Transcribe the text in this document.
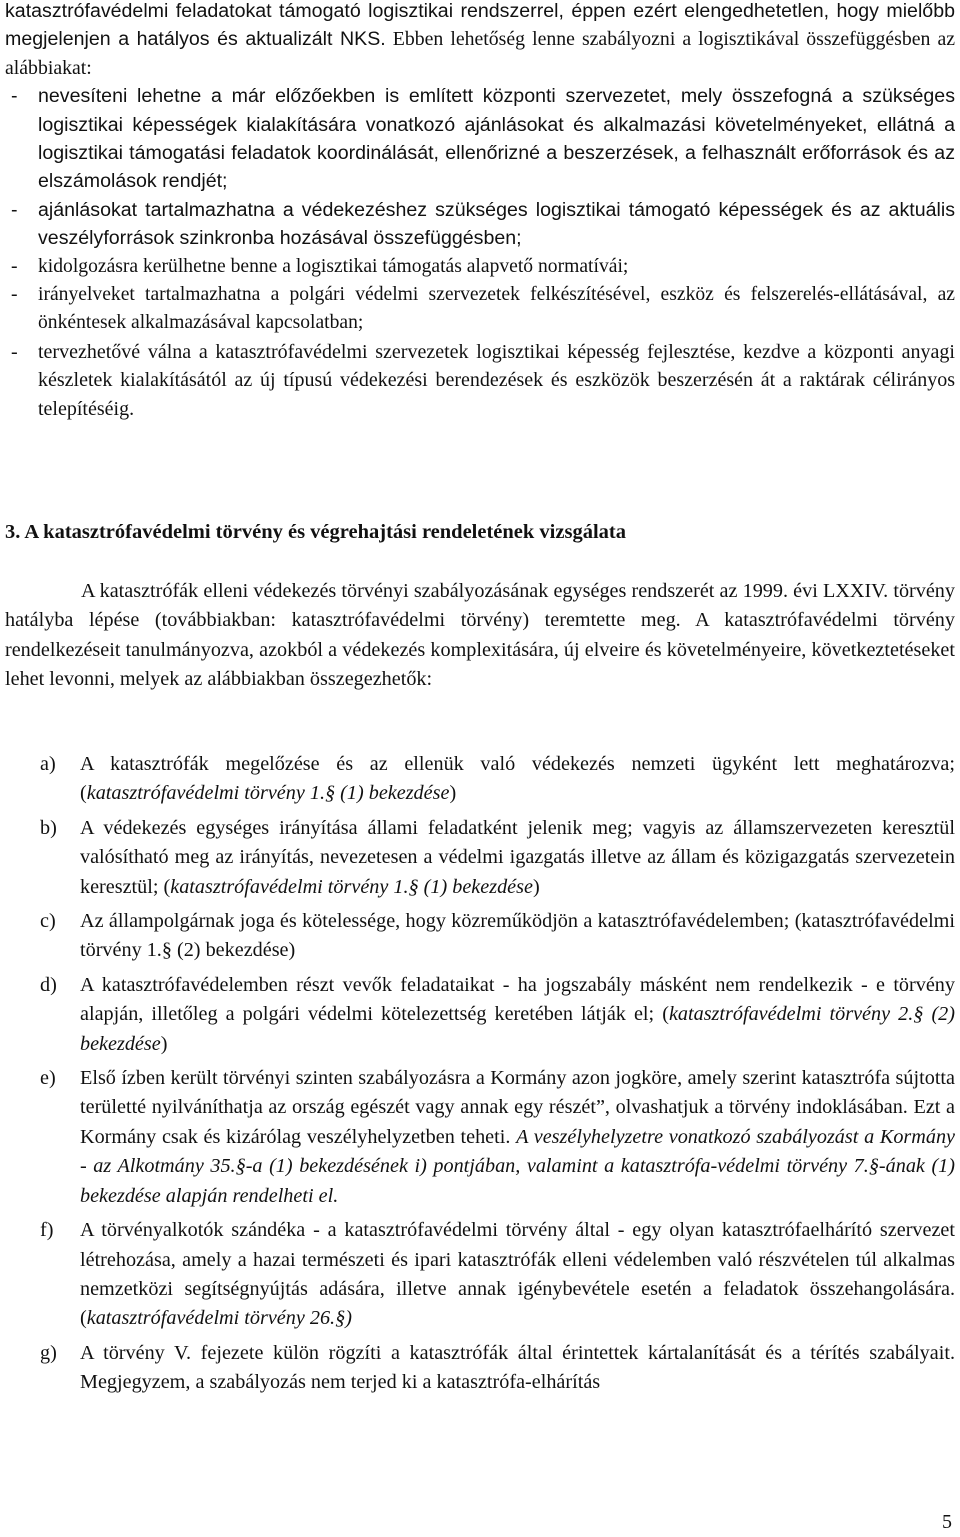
katasztrófavédelmi feladatokat támogató logisztikai rendszerrel, éppen ezért elengedhetetlen, hogy mielőbb megjelenjen a hatályos és aktualizált NKS. Ebben lehetőség lenne szabályozni a logisztikával összefüggésben az alábbiakat:

-	nevesíteni lehetne a már előzőekben is említett központi szervezetet, mely összefogná a szükséges logisztikai képességek kialakítására vonatkozó ajánlásokat és alkalmazási követelményeket, ellátná a logisztikai támogatási feladatok koordinálását, ellenőrizné a beszerzések, a felhasznált erőforrások és az elszámolások rendjét;
-	ajánlásokat tartalmazhatna a védekezéshez szükséges logisztikai támogató képességek és az aktuális veszélyforrások szinkronba hozásával összefüggésben;
-	kidolgozásra kerülhetne benne a logisztikai támogatás alapvető normatívái;
-	irányelveket tartalmazhatna a polgári védelmi szervezetek felkészítésével, eszköz és felszerelés-ellátásával, az önkéntesek alkalmazásával kapcsolatban;
-	tervezhetővé válna a katasztrófavédelmi szervezetek logisztikai képesség fejlesztése, kezdve a központi anyagi készletek kialakításától az új típusú védekezési berendezések és eszközök beszerzésén át a raktárak célirányos telepítéséig.
3. A katasztrófavédelmi törvény és végrehajtási rendeletének vizsgálata

A katasztrófák elleni védekezés törvényi szabályozásának egységes rendszerét az 1999. évi LXXIV. törvény hatályba lépése (továbbiakban: katasztrófavédelmi törvény) teremtette meg. A katasztrófavédelmi törvény rendelkezéseit tanulmányozva, azokból a védekezés komplexitására, új elveire és követelményeire, következtetéseket lehet levonni, melyek az alábbiakban összegezhetők:

a)	A katasztrófák megelőzése és az ellenük való védekezés nemzeti ügyként lett meghatározva; (katasztrófavédelmi törvény 1.§ (1) bekezdése)
b)	A védekezés egységes irányítása állami feladatként jelenik meg; vagyis az államszervezeten keresztül valósítható meg az irányítás, nevezetesen a védelmi igazgatás illetve az állam és közigazgatás szervezetein keresztül; (katasztrófavédelmi törvény 1.§ (1) bekezdése)
c)	Az állampolgárnak joga és kötelessége, hogy közreműködjön a katasztrófavédelemben; (katasztrófavédelmi törvény 1.§ (2) bekezdése)
d)	A katasztrófavédelemben részt vevők feladataikat - ha jogszabály másként nem rendelkezik - e törvény alapján, illetőleg a polgári védelmi kötelezettség keretében látják el; (katasztrófavédelmi törvény 2.§ (2) bekezdése)
e)	Első ízben került törvényi szinten szabályozásra a Kormány azon jogköre, amely szerint katasztrófa sújtotta területté nyilváníthatja az ország egészét vagy annak egy részét”, olvashatjuk a törvény indoklásában. Ezt a Kormány csak és kizárólag veszélyhelyzetben teheti. A veszélyhelyzetre vonatkozó szabályozást a Kormány - az Alkotmány 35.§-a (1) bekezdésének i) pontjában, valamint a katasztrófa-védelmi törvény 7.§-ának (1) bekezdése alapján rendelheti el.
f)	A törvényalkotók szándéka - a katasztrófavédelmi törvény által - egy olyan katasztrófaelhárító szervezet létrehozása, amely a hazai természeti és ipari katasztrófák elleni védelemben való részvételen túl alkalmas nemzetközi segítségnyújtás adására, illetve annak igénybevétele esetén a feladatok összehangolására. (katasztrófavédelmi törvény 26.§)
g)	A törvény V. fejezete külön rögzíti a katasztrófák által érintettek kártalanítását és a térítés szabályait. Megjegyzem, a szabályozás nem terjed ki a katasztrófa-elhárítás
5
